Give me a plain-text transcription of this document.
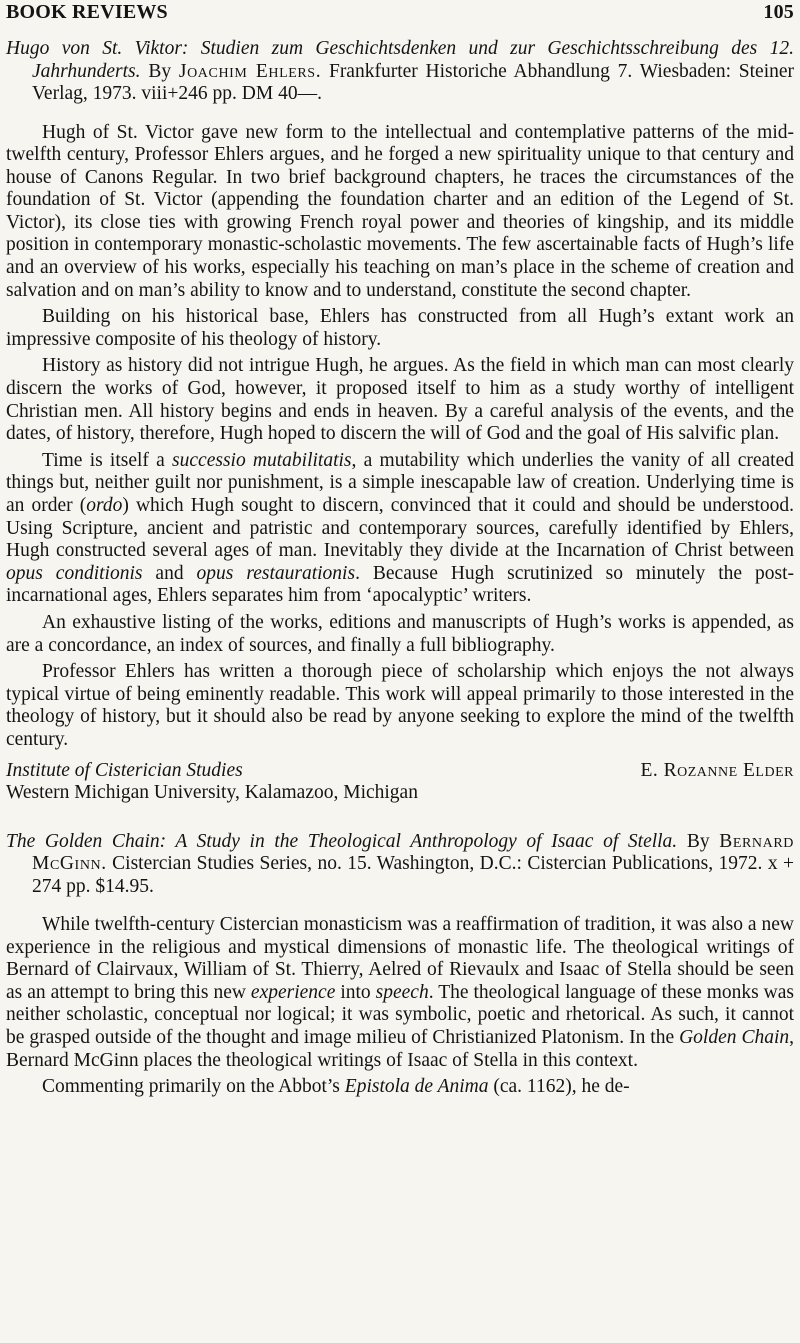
BOOK REVIEWS	105

Hugo von St. Viktor: Studien zum Geschichtsdenken und zur Geschichtsschreibung des 12. Jahrhunderts. By Joachim Ehlers. Frankfurter Historiche Abhandlung 7. Wiesbaden: Steiner Verlag, 1973. viii+246 pp. DM 40—.

Hugh of St. Victor gave new form to the intellectual and contemplative patterns of the mid-twelfth century, Professor Ehlers argues, and he forged a new spirituality unique to that century and house of Canons Regular. In two brief background chapters, he traces the circumstances of the foundation of St. Victor (appending the foundation charter and an edition of the Legend of St. Victor), its close ties with growing French royal power and theories of kingship, and its middle position in contemporary monastic-scholastic movements. The few ascertainable facts of Hugh’s life and an overview of his works, especially his teaching on man’s place in the scheme of creation and salvation and on man’s ability to know and to understand, constitute the second chapter.

Building on his historical base, Ehlers has constructed from all Hugh’s extant work an impressive composite of his theology of history.

History as history did not intrigue Hugh, he argues. As the field in which man can most clearly discern the works of God, however, it proposed itself to him as a study worthy of intelligent Christian men. All history begins and ends in heaven. By a careful analysis of the events, and the dates, of history, therefore, Hugh hoped to discern the will of God and the goal of His salvific plan.

Time is itself a successio mutabilitatis, a mutability which underlies the vanity of all created things but, neither guilt nor punishment, is a simple inescapable law of creation. Underlying time is an order (ordo) which Hugh sought to discern, convinced that it could and should be understood. Using Scripture, ancient and patristic and contemporary sources, carefully identified by Ehlers, Hugh constructed several ages of man. Inevitably they divide at the Incarnation of Christ between opus conditionis and opus restaurationis. Because Hugh scrutinized so minutely the post-incarnational ages, Ehlers separates him from ‘apocalyptic’ writers.

An exhaustive listing of the works, editions and manuscripts of Hugh’s works is appended, as are a concordance, an index of sources, and finally a full bibliography.

Professor Ehlers has written a thorough piece of scholarship which enjoys the not always typical virtue of being eminently readable. This work will appeal primarily to those interested in the theology of history, but it should also be read by anyone seeking to explore the mind of the twelfth century.

Institute of Cisterician Studies	E. Rozanne Elder
Western Michigan University, Kalamazoo, Michigan

The Golden Chain: A Study in the Theological Anthropology of Isaac of Stella. By Bernard McGinn. Cistercian Studies Series, no. 15. Washington, D.C.: Cistercian Publications, 1972. x + 274 pp. $14.95.

While twelfth-century Cistercian monasticism was a reaffirmation of tradition, it was also a new experience in the religious and mystical dimensions of monastic life. The theological writings of Bernard of Clairvaux, William of St. Thierry, Aelred of Rievaulx and Isaac of Stella should be seen as an attempt to bring this new experience into speech. The theological language of these monks was neither scholastic, conceptual nor logical; it was symbolic, poetic and rhetorical. As such, it cannot be grasped outside of the thought and image milieu of Christianized Platonism. In the Golden Chain, Bernard McGinn places the theological writings of Isaac of Stella in this context.

Commenting primarily on the Abbot’s Epistola de Anima (ca. 1162), he de-
